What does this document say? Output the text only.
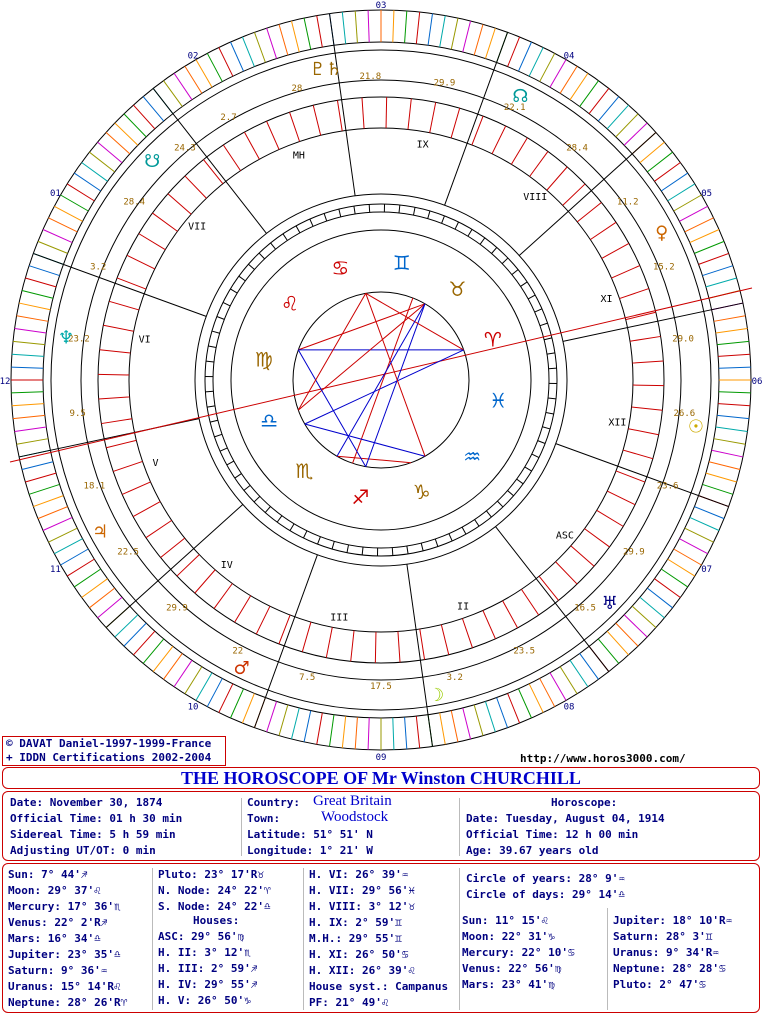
♈
♉
♊
♋
♌
♍
♎
♏
♐ ♑
♒
♓
03
04
05
06
07
08
09
10
11
12
01
02
MH
IX
VIII
XI
XII
ASC
II
III
IV
V
VI
VII
2.7
28
21.8
29.9
22.1
28.4
11.2
15.2
29.0
26.6
23.6
29.9
16.5
23.5
3.2
17.5
7.5
22
29.9
22.5
18.1
9.5
23.2
3.2
28.4
24.3
♇♄
☊
♀
☉
♅
☽
♂
♃
♆
☋
© DAVAT Daniel-1997-1999-France
+ IDDN Certifications 2002-2004	http://www.horos3000.com/
THE HOROSCOPE OF Mr Winston CHURCHILL
Date: November 30, 1874
Official Time: 01 h 30 min
Sidereal Time: 5 h 59 min
Adjusting UT/OT: 0 min
Country: Great Britain
Town:	Woodstock
Latitude: 51° 51' N
Longitude: 1° 21' W
Horoscope:
Date: Tuesday, August 04, 1914
Official Time: 12 h 00 min
Age: 39.67 years old
Sun: 7° 44'♐
Moon: 29° 37'♌
Mercury: 17° 36'♏
Venus: 22° 2'R♐
Mars: 16° 34'♎
Jupiter: 23° 35'♎
Saturn: 9° 36'♒
Uranus: 15° 14'R♌
Neptune: 28° 26'R♈
Pluto: 23° 17'R♉
N. Node: 24° 22'♈
S. Node: 24° 22'♎
Houses:
ASC: 29° 56'♍
H. II: 3° 12'♏
H. III: 2° 59'♐
H. IV: 29° 55'♐
H. V: 26° 50'♑
H. VI: 26° 39'♒
H. VII: 29° 56'♓
H. VIII: 3° 12'♉
H. IX: 2° 59'♊
M.H.: 29° 55'♊
H. XI: 26° 50'♋
H. XII: 26° 39'♌
House syst.: Campanus
PF: 21° 49'♌
Circle of years: 28° 9'♒
Circle of days: 29° 14'♎
Sun: 11° 15'♌
Moon: 22° 31'♑
Mercury: 22° 10'♋
Venus: 22° 56'♍
Mars: 23° 41'♍
Jupiter: 18° 10'R♒
Saturn: 28° 3'♊
Uranus: 9° 34'R♒
Neptune: 28° 28'♋
Pluto: 2° 47'♋
